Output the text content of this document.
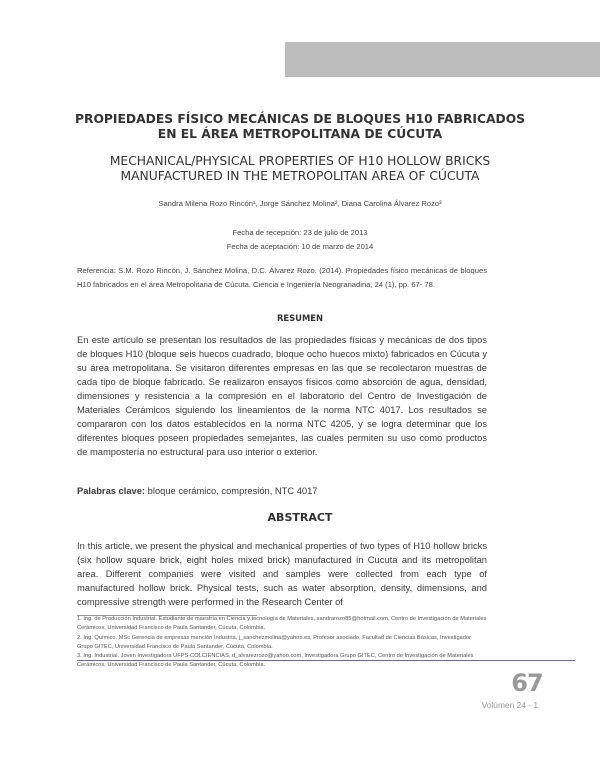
PROPIEDADES FÍSICO MECÁNICAS DE BLOQUES H10 FABRICADOS
EN EL ÁREA METROPOLITANA DE CÚCUTA
MECHANICAL/PHYSICAL PROPERTIES OF H10 HOLLOW BRICKS
MANUFACTURED IN THE METROPOLITAN AREA OF CÚCUTA
Sandra Milena Rozo Rincón¹, Jorge Sánchez Molina², Diana Carolina Álvarez Rozo³
Fecha de recepción: 23 de julio de 2013
Fecha de aceptación: 10 de marzo de 2014
Referencia: S.M. Rozo Rincón, J. Sánchez Molina, D.C. Álvarez Rozo. (2014). Propiedades físico mecánicas de bloques H10 fabricados en el área Metropolitana de Cúcuta. Ciencia e Ingeniería Neogranadina, 24 (1), pp. 67- 78.
RESUMEN

En este artículo se presentan los resultados de las propiedades físicas y mecánicas de dos tipos de bloques H10 (bloque seis huecos cuadrado, bloque ocho huecos mixto) fabricados en Cúcuta y su área metropolitana. Se visitaron diferentes empresas en las que se recolectaron muestras de cada tipo de bloque fabricado. Se realizaron ensayos físicos como absorción de agua, densidad, dimensiones y resistencia a la compresión en el laboratorio del Centro de Investigación de Materiales Cerámicos siguiendo los lineamientos de la norma NTC 4017. Los resultados se compararon con los datos establecidos en la norma NTC 4205, y se logra determinar que los diferentes bloques poseen propiedades semejantes, las cuales permiten su uso como productos de mampostería no estructural para uso interior o exterior.

Palabras clave: bloque cerámico, compresión, NTC 4017
ABSTRACT

In this article, we present the physical and mechanical properties of two types of H10 hollow bricks (six hollow square brick, eight holes mixed brick) manufactured in Cucuta and its metropolitan area. Different companies were visited and samples were collected from each type of manufactured hollow brick. Physical tests, such as water absorption, density, dimensions, and compressive strength were performed in the Research Center of

1. Ing. de Producción Industrial. Estudiante de maestría en Ciencia y tecnología de Materiales, sandrarozo85@hotmail.com, Centro de Investigación de Materiales Cerámicos, Universidad Francisco de Paula Santander, Cúcuta, Colombia.

2. Ing. Químico, MSc Gerencia de empresas mención Industria, j_sanchezmolina@yahoo.es, Profesor asociado, Facultad de Ciencias Básicas, Investigador Grupo GITEC, Universidad Francisco de Paula Santander, Cúcuta, Colombia.

3. Ing. Industrial. Joven Investigadora UFPS-COLCIENCIAS, d_alvarezrozo@yahoo.com, Investigadora Grupo GITEC, Centro de Investigación de Materiales Cerámicos, Universidad Francisco de Paula Santander, Cúcuta, Colombia.

67
Volúmen 24 - 1
